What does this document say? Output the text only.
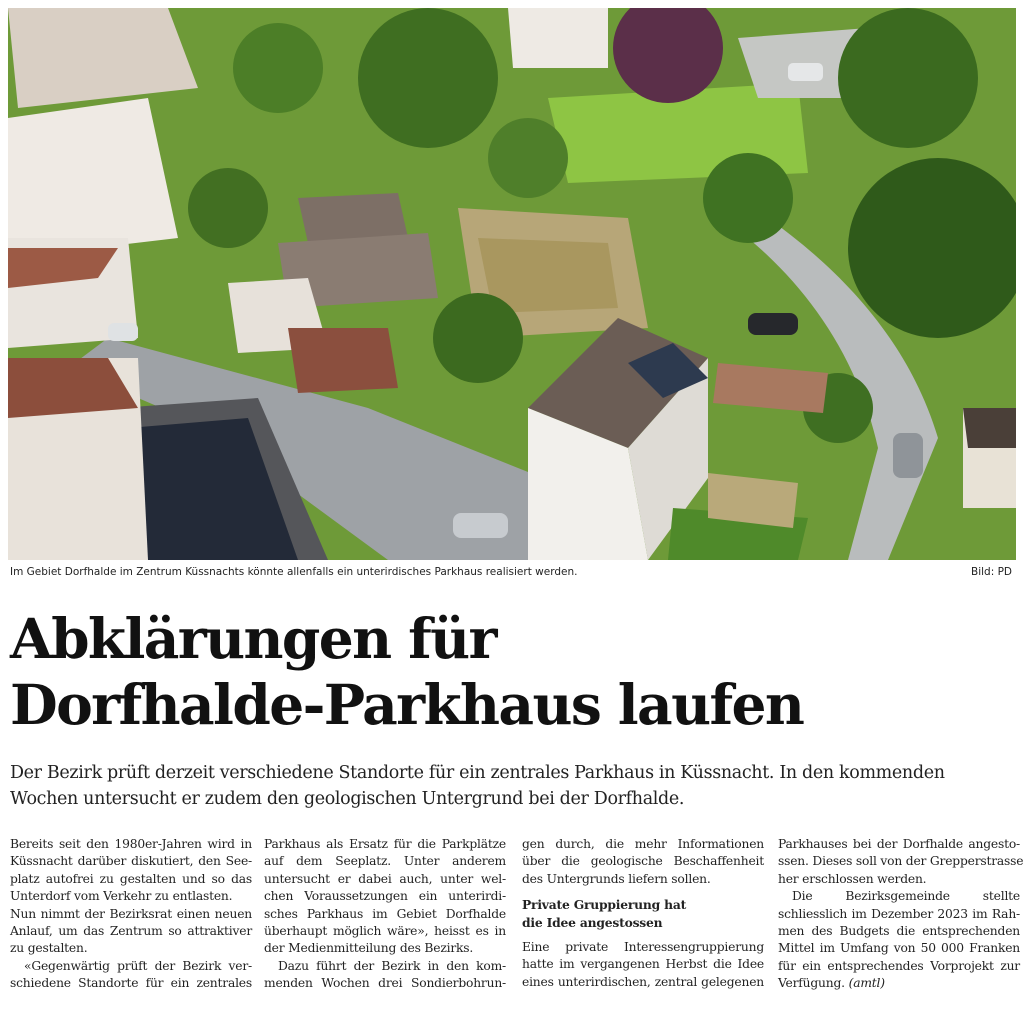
Im Gebiet Dorfhalde im Zentrum Küssnachts könnte allenfalls ein unterirdisches Parkhaus realisiert werden.	Bild: PD
Abklärungen für
Dorfhalde-Parkhaus laufen

Der Bezirk prüft derzeit verschiedene Standorte für ein zentrales Parkhaus in Küssnacht. In den kommenden
Wochen untersucht er zudem den geologischen Untergrund bei der Dorfhalde.

Bereits seit den 1980er-Jahren wird in
Küssnacht darüber diskutiert, den See-
platz autofrei zu gestalten und so das
Unterdorf vom Verkehr zu entlasten.
Nun nimmt der Bezirksrat einen neuen
Anlauf, um das Zentrum so attraktiver
zu gestalten.
«Gegenwärtig prüft der Bezirk ver-
schiedene Standorte für ein zentrales
Parkhaus als Ersatz für die Parkplätze
auf dem Seeplatz. Unter anderem
untersucht er dabei auch, unter wel-
chen Voraussetzungen ein unterirdi-
sches Parkhaus im Gebiet Dorfhalde
überhaupt möglich wäre», heisst es in
der Medienmitteilung des Bezirks.
Dazu führt der Bezirk in den kom-
menden Wochen drei Sondierbohrun-
gen durch, die mehr Informationen
über die geologische Beschaffenheit
des Untergrunds liefern sollen.
Private Gruppierung hat
die Idee angestossen
Eine private Interessengruppierung
hatte im vergangenen Herbst die Idee
eines unterirdischen, zentral gelegenen
Parkhauses bei der Dorfhalde angesto-
ssen. Dieses soll von der Grepperstrasse
her erschlossen werden.
Die Bezirksgemeinde stellte
schliesslich im Dezember 2023 im Rah-
men des Budgets die entsprechenden
Mittel im Umfang von 50 000 Franken
für ein entsprechendes Vorprojekt zur
Verfügung. (amtl)
